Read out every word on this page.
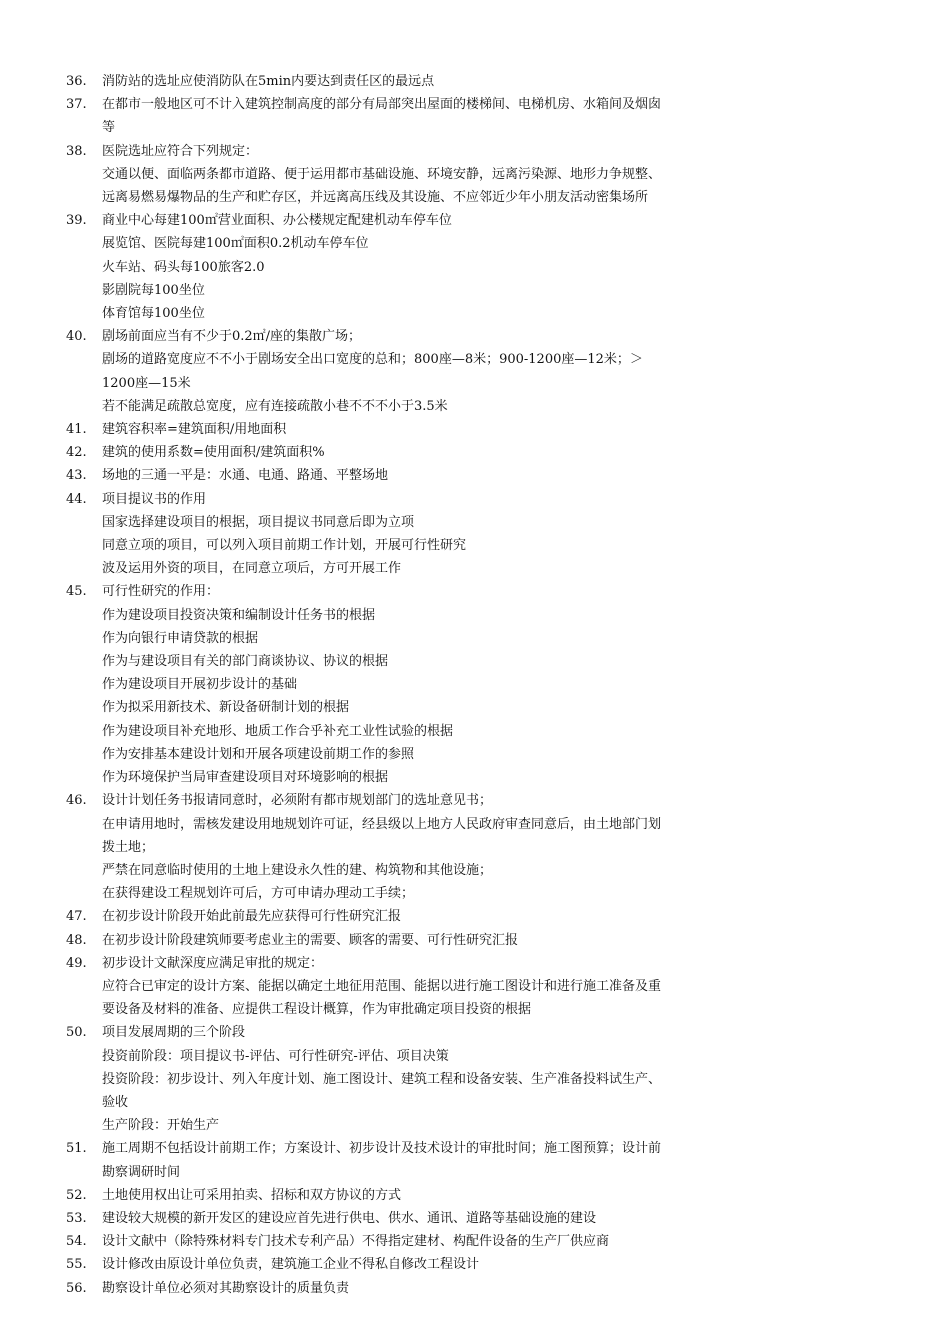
36.	消防站的选址应使消防队在5min内要达到责任区的最远点
37.	在都市一般地区可不计入建筑控制高度的部分有局部突出屋面的楼梯间、电梯机房、水箱间及烟囱
等
38.	医院选址应符合下列规定：
交通以便、面临两条都市道路、便于运用都市基础设施、环境安静，远离污染源、地形力争规整、
远离易燃易爆物品的生产和贮存区，并远离高压线及其设施、不应邻近少年小朋友活动密集场所
39.	商业中心每建100㎡营业面积、办公楼规定配建机动车停车位
展览馆、医院每建100㎡面积0.2机动车停车位
火车站、码头每100旅客2.0
影剧院每100坐位
体育馆每100坐位
40.	剧场前面应当有不少于0.2㎡/座的集散广场；
剧场的道路宽度应不不小于剧场安全出口宽度的总和；800座—8米；900-1200座—12米；＞
1200座—15米
若不能满足疏散总宽度，应有连接疏散小巷不不不小于3.5米
41.	建筑容积率=建筑面积/用地面积
42.	建筑的使用系数=使用面积/建筑面积%
43.	场地的三通一平是：水通、电通、路通、平整场地
44.	项目提议书的作用
国家选择建设项目的根据，项目提议书同意后即为立项
同意立项的项目，可以列入项目前期工作计划，开展可行性研究
波及运用外资的项目，在同意立项后，方可开展工作
45.	可行性研究的作用：
作为建设项目投资决策和编制设计任务书的根据
作为向银行申请贷款的根据
作为与建设项目有关的部门商谈协议、协议的根据
作为建设项目开展初步设计的基础
作为拟采用新技术、新设备研制计划的根据
作为建设项目补充地形、地质工作合乎补充工业性试验的根据
作为安排基本建设计划和开展各项建设前期工作的参照
作为环境保护当局审查建设项目对环境影响的根据
46.	设计计划任务书报请同意时，必须附有都市规划部门的选址意见书；
在申请用地时，需核发建设用地规划许可证，经县级以上地方人民政府审查同意后，由土地部门划
拨土地；
严禁在同意临时使用的土地上建设永久性的建、构筑物和其他设施；
在获得建设工程规划许可后，方可申请办理动工手续；
47.	在初步设计阶段开始此前最先应获得可行性研究汇报
48.	在初步设计阶段建筑师要考虑业主的需要、顾客的需要、可行性研究汇报
49.	初步设计文献深度应满足审批的规定：
应符合已审定的设计方案、能据以确定土地征用范围、能据以进行施工图设计和进行施工准备及重
要设备及材料的准备、应提供工程设计概算，作为审批确定项目投资的根据
50.	项目发展周期的三个阶段
投资前阶段：项目提议书-评估、可行性研究-评估、项目决策
投资阶段：初步设计、列入年度计划、施工图设计、建筑工程和设备安装、生产准备投料试生产、
验收
生产阶段：开始生产
51.	施工周期不包括设计前期工作；方案设计、初步设计及技术设计的审批时间；施工图预算；设计前
勘察调研时间
52.	土地使用权出让可采用拍卖、招标和双方协议的方式
53.	建设较大规模的新开发区的建设应首先进行供电、供水、通讯、道路等基础设施的建设
54.	设计文献中（除特殊材料专门技术专利产品）不得指定建材、构配件设备的生产厂供应商
55.	设计修改由原设计单位负责，建筑施工企业不得私自修改工程设计
56.	勘察设计单位必须对其勘察设计的质量负责
